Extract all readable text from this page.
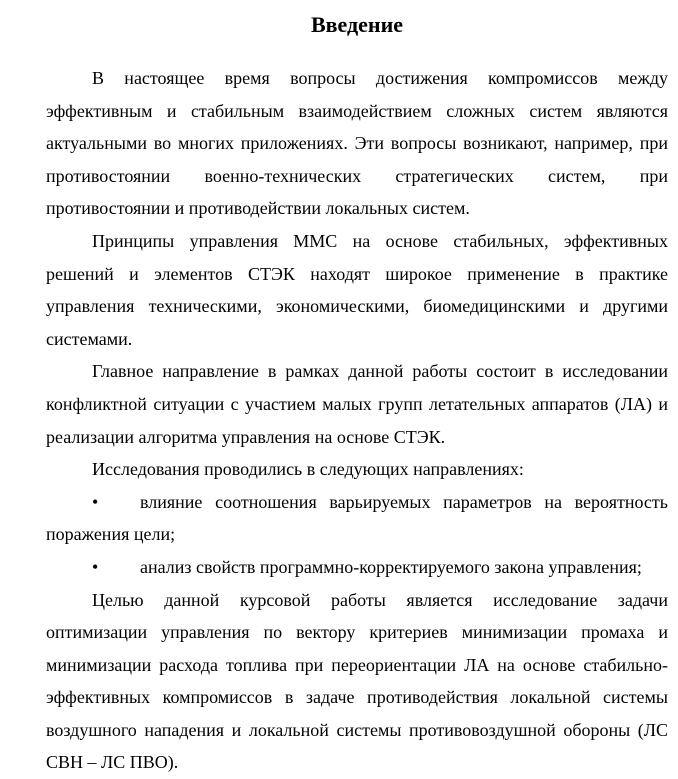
Введение

В настоящее время вопросы достижения компромиссов между эффективным и стабильным взаимодействием сложных систем являются актуальными во многих приложениях. Эти вопросы возникают, например, при противостоянии военно-технических стратегических систем, при противостоянии и противодействии локальных систем.

Принципы управления ММС на основе стабильных, эффективных решений и элементов СТЭК находят широкое применение в практике управления техническими, экономическими, биомедицинскими и другими системами.

Главное направление в рамках данной работы состоит в исследовании конфликтной ситуации с участием малых групп летательных аппаратов (ЛА) и реализации алгоритма управления на основе СТЭК.

Исследования проводились в следующих направлениях:

• влияние соотношения варьируемых параметров на вероятность поражения цели;

• анализ свойств программно-корректируемого закона управления;

Целью данной курсовой работы является исследование задачи оптимизации управления по вектору критериев минимизации промаха и минимизации расхода топлива при переориентации ЛА на основе стабильно-эффективных компромиссов в задаче противодействия локальной системы воздушного нападения и локальной системы противовоздушной обороны (ЛС СВН – ЛС ПВО).
